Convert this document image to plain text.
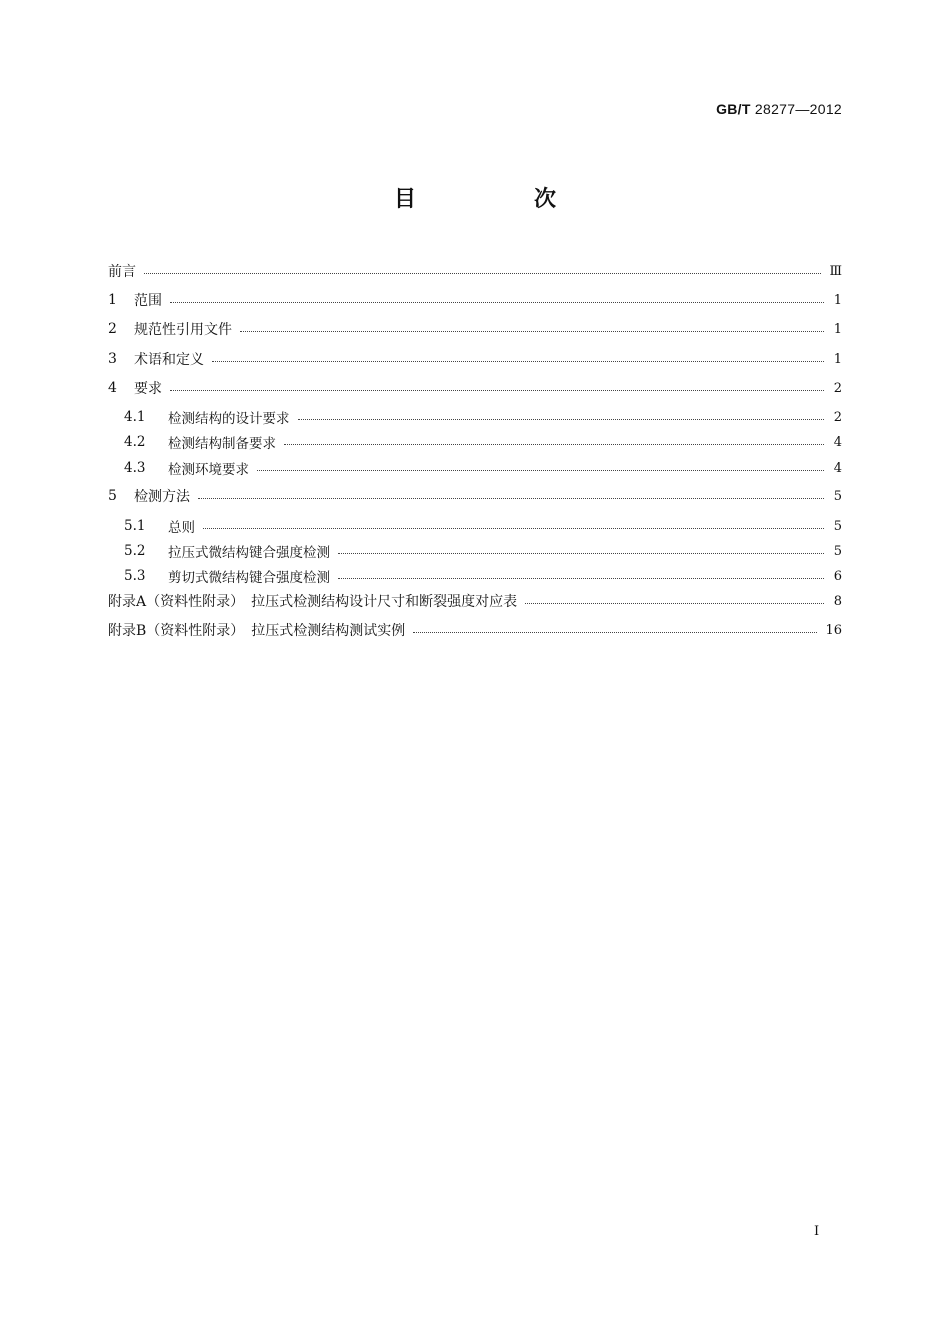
GB/T 28277—2012
目　次
前言	Ⅲ
1	范围	1
2	规范性引用文件	1
3	术语和定义	1
4	要求	2
4.1	检测结构的设计要求	2
4.2	检测结构制备要求	4
4.3	检测环境要求	4
5	检测方法	5
5.1	总则	5
5.2	拉压式微结构键合强度检测	5
5.3	剪切式微结构键合强度检测	6
附录A（资料性附录）　拉压式检测结构设计尺寸和断裂强度对应表	8
附录B（资料性附录）　拉压式检测结构测试实例	16
Ⅰ
